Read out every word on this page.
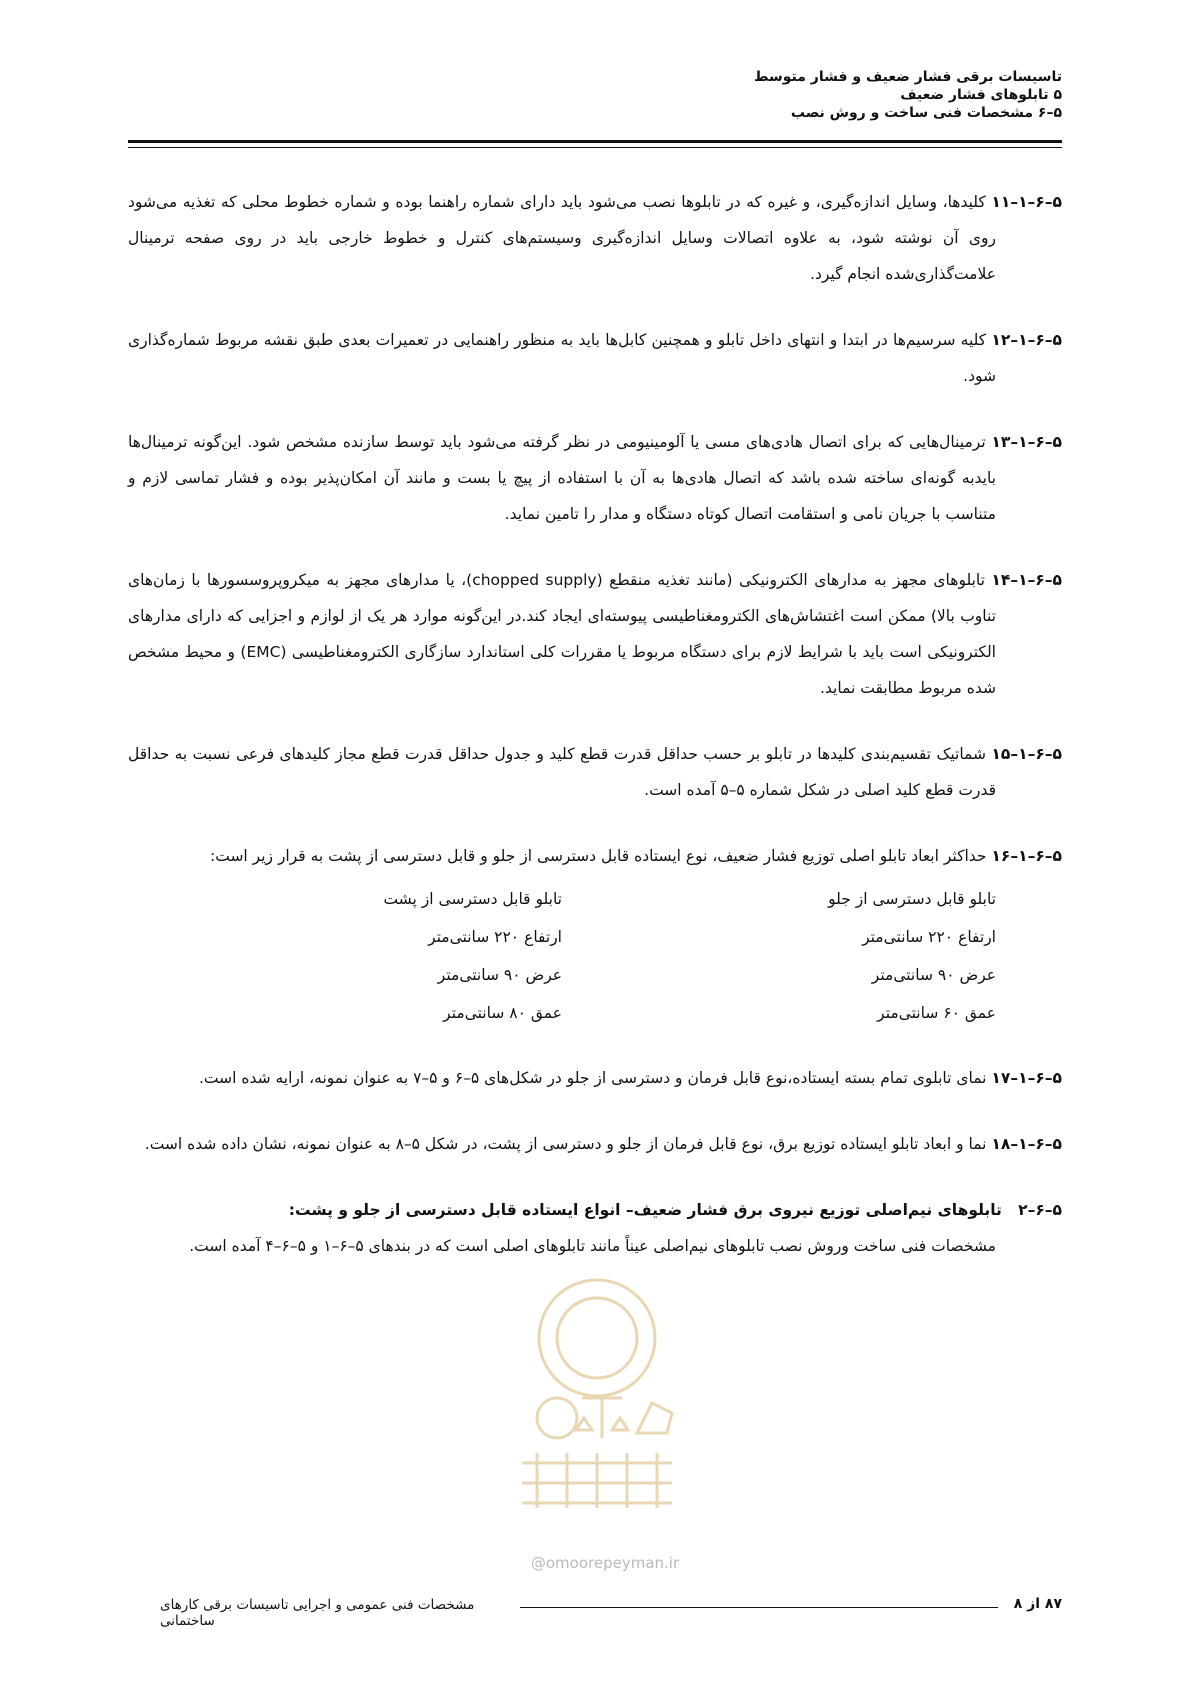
تاسیسات برقی فشار ضعیف و فشار متوسط
۵ تابلوهای فشار ضعیف
۵–۶ مشخصات فنی ساخت و روش نصب

۵–۶–۱–۱۱ کلیدها، وسایل اندازه‌گیری، و غیره که در تابلوها نصب می‌شود باید دارای شماره راهنما بوده و شماره خطوط محلی که تغذیه می‌شود روی آن نوشته شود، به علاوه اتصالات وسایل اندازه‌گیری وسیستم‌های کنترل و خطوط خارجی باید در روی صفحه ترمینال علامت‌گذاری‌شده انجام گیرد.

۵–۶–۱–۱۲ کلیه سرسیم‌ها در ابتدا و انتهای داخل تابلو و همچنین کابل‌ها باید به منظور راهنمایی در تعمیرات بعدی طبق نقشه مربوط شماره‌گذاری شود.

۵–۶–۱–۱۳ ترمینال‌هایی که برای اتصال هادی‌های مسی یا آلومینیومی در نظر گرفته می‌شود باید توسط سازنده مشخص شود. این‌گونه ترمینال‌ها بایدبه گونه‌ای ساخته شده باشد که اتصال هادی‌ها به آن با استفاده از پیچ یا بست و مانند آن امکان‌پذیر بوده و فشار تماسی لازم و متناسب با جریان نامی و استقامت اتصال کوتاه دستگاه و مدار را تامین نماید.

۵–۶–۱–۱۴ تابلوهای مجهز به مدارهای الکترونیکی (مانند تغذیه منقطع (chopped supply)، یا مدارهای مجهز به میکروپروسسورها با زمان‌های تناوب بالا) ممکن است اغتشاش‌های الکترومغناطیسی پیوسته‌ای ایجاد کند.در این‌گونه موارد هر یک از لوازم و اجزایی که دارای مدارهای الکترونیکی است باید با شرایط لازم برای دستگاه مربوط یا مقررات کلی استاندارد سازگاری الکترومغناطیسی (EMC) و محیط مشخص شده مربوط مطابقت نماید.

۵–۶–۱–۱۵ شماتیک تقسیم‌بندی کلیدها در تابلو بر حسب حداقل قدرت قطع کلید و جدول حداقل قدرت قطع مجاز کلیدهای فرعی نسبت به حداقل قدرت قطع کلید اصلی در شکل شماره ۵–۵ آمده است.

۵–۶–۱–۱۶ حداکثر ابعاد تابلو اصلی توزیع فشار ضعیف، نوع ایستاده قابل دسترسی از جلو و قابل دسترسی از پشت به قرار زیر است:

تابلو قابل دسترسی از جلو
ارتفاع ۲۲۰ سانتی‌متر
عرض ۹۰ سانتی‌متر
عمق ۶۰ سانتی‌متر
تابلو قابل دسترسی از پشت
ارتفاع ۲۲۰ سانتی‌متر
عرض ۹۰ سانتی‌متر
عمق ۸۰ سانتی‌متر

۵–۶–۱–۱۷ نمای تابلوی تمام بسته ایستاده،نوع قابل فرمان و دسترسی از جلو در شکل‌های ۵–۶ و ۵–۷ به عنوان نمونه، ارایه شده است.

۵–۶–۱–۱۸ نما و ابعاد تابلو ایستاده توزیع برق، نوع قابل فرمان از جلو و دسترسی از پشت، در شکل ۵–۸ به عنوان نمونه، نشان داده شده است.

۵–۶–۲   تابلوهای نیم‌اصلی توزیع نیروی برق فشار ضعیف– انواع ایستاده قابل دسترسی از جلو و پشت:
مشخصات فنی ساخت وروش نصب تابلوهای نیم‌اصلی عیناً مانند تابلوهای اصلی است که در بندهای ۵–۶–۱ و ۵–۶–۴ آمده است.
@omoorepeyman.ir
مشخصات فنی عمومی و اجرایی تاسیسات برقی کارهای ساختمانی
۸۷ از ۸
